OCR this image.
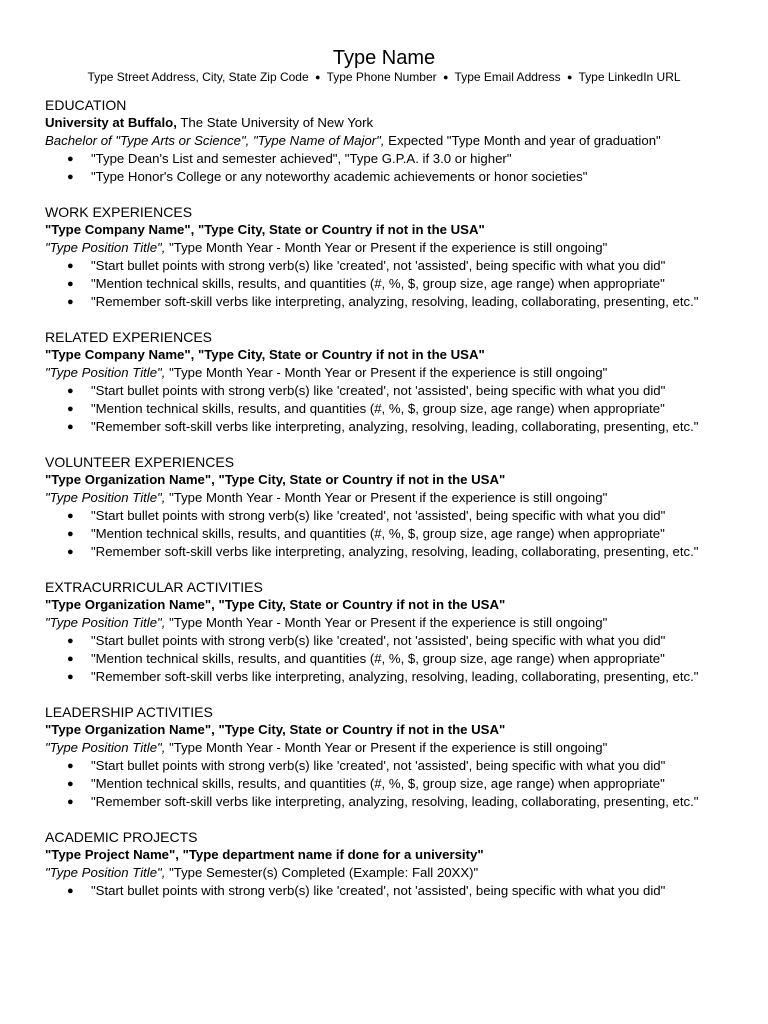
Type Name
Type Street Address, City, State Zip Code ● Type Phone Number ● Type Email Address ● Type LinkedIn URL
EDUCATION
University at Buffalo, The State University of New York
Bachelor of "Type Arts or Science", "Type Name of Major", Expected "Type Month and year of graduation"
● "Type Dean's List and semester achieved", "Type G.P.A. if 3.0 or higher"
● "Type Honor's College or any noteworthy academic achievements or honor societies"
WORK EXPERIENCES
"Type Company Name", "Type City, State or Country if not in the USA"
"Type Position Title", "Type Month Year - Month Year or Present if the experience is still ongoing"
● "Start bullet points with strong verb(s) like 'created', not 'assisted', being specific with what you did"
● "Mention technical skills, results, and quantities (#, %, $, group size, age range) when appropriate"
● "Remember soft-skill verbs like interpreting, analyzing, resolving, leading, collaborating, presenting, etc."
RELATED EXPERIENCES
"Type Company Name", "Type City, State or Country if not in the USA"
"Type Position Title", "Type Month Year - Month Year or Present if the experience is still ongoing"
● "Start bullet points with strong verb(s) like 'created', not 'assisted', being specific with what you did"
● "Mention technical skills, results, and quantities (#, %, $, group size, age range) when appropriate"
● "Remember soft-skill verbs like interpreting, analyzing, resolving, leading, collaborating, presenting, etc."
VOLUNTEER EXPERIENCES
"Type Organization Name", "Type City, State or Country if not in the USA"
"Type Position Title", "Type Month Year - Month Year or Present if the experience is still ongoing"
● "Start bullet points with strong verb(s) like 'created', not 'assisted', being specific with what you did"
● "Mention technical skills, results, and quantities (#, %, $, group size, age range) when appropriate"
● "Remember soft-skill verbs like interpreting, analyzing, resolving, leading, collaborating, presenting, etc."
EXTRACURRICULAR ACTIVITIES
"Type Organization Name", "Type City, State or Country if not in the USA"
"Type Position Title", "Type Month Year - Month Year or Present if the experience is still ongoing"
● "Start bullet points with strong verb(s) like 'created', not 'assisted', being specific with what you did"
● "Mention technical skills, results, and quantities (#, %, $, group size, age range) when appropriate"
● "Remember soft-skill verbs like interpreting, analyzing, resolving, leading, collaborating, presenting, etc."
LEADERSHIP ACTIVITIES
"Type Organization Name", "Type City, State or Country if not in the USA"
"Type Position Title", "Type Month Year - Month Year or Present if the experience is still ongoing"
● "Start bullet points with strong verb(s) like 'created', not 'assisted', being specific with what you did"
● "Mention technical skills, results, and quantities (#, %, $, group size, age range) when appropriate"
● "Remember soft-skill verbs like interpreting, analyzing, resolving, leading, collaborating, presenting, etc."
ACADEMIC PROJECTS
"Type Project Name", "Type department name if done for a university"
"Type Position Title", "Type Semester(s) Completed (Example: Fall 20XX)"
● "Start bullet points with strong verb(s) like 'created', not 'assisted', being specific with what you did"
